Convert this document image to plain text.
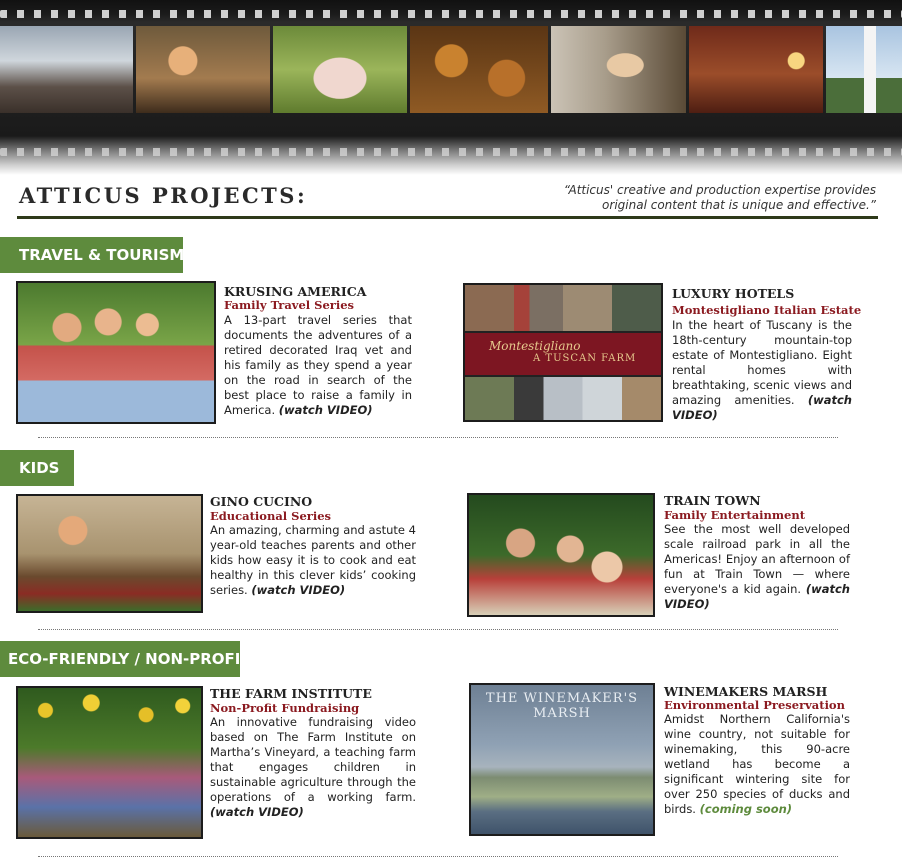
ATTICUS PROJECTS:	“Atticus' creative and production expertise provides original content that is unique and effective.”
TRAVEL & TOURISM
KRUSING AMERICA
Family Travel Series
A 13-part travel series that documents the adventures of a retired decorated Iraq vet and his family as they spend a year on the road in search of the best place to raise a family in America. (watch VIDEO)
Montestigliano
A TUSCAN FARM
LUXURY HOTELS
Montestigliano Italian Estate
In the heart of Tuscany is the 18th-century mountain-top estate of Montestigliano. Eight rental homes with breathtaking, scenic views and amazing amenities. (watch VIDEO)
KIDS
GINO CUCINO
Educational Series
An amazing, charming and astute 4 year-old teaches parents and other kids how easy it is to cook and eat healthy in this clever kids’ cooking series. (watch VIDEO)
TRAIN TOWN
Family Entertainment
See the most well developed scale railroad park in all the Americas! Enjoy an afternoon of fun at Train Town — where everyone's a kid again. (watch VIDEO)
ECO-FRIENDLY / NON-PROFIT
THE FARM INSTITUTE
Non-Profit Fundraising
An innovative fundraising video based on The Farm Institute on Martha’s Vineyard, a teaching farm that engages children in sustainable agriculture through the operations of a working farm. (watch VIDEO)
THE WINEMAKER'S MARSH
WINEMAKERS MARSH
Environmental Preservation
Amidst Northern California's wine country, not suitable for winemaking, this 90-acre wetland has become a significant wintering site for over 250 species of ducks and birds. (coming soon)
